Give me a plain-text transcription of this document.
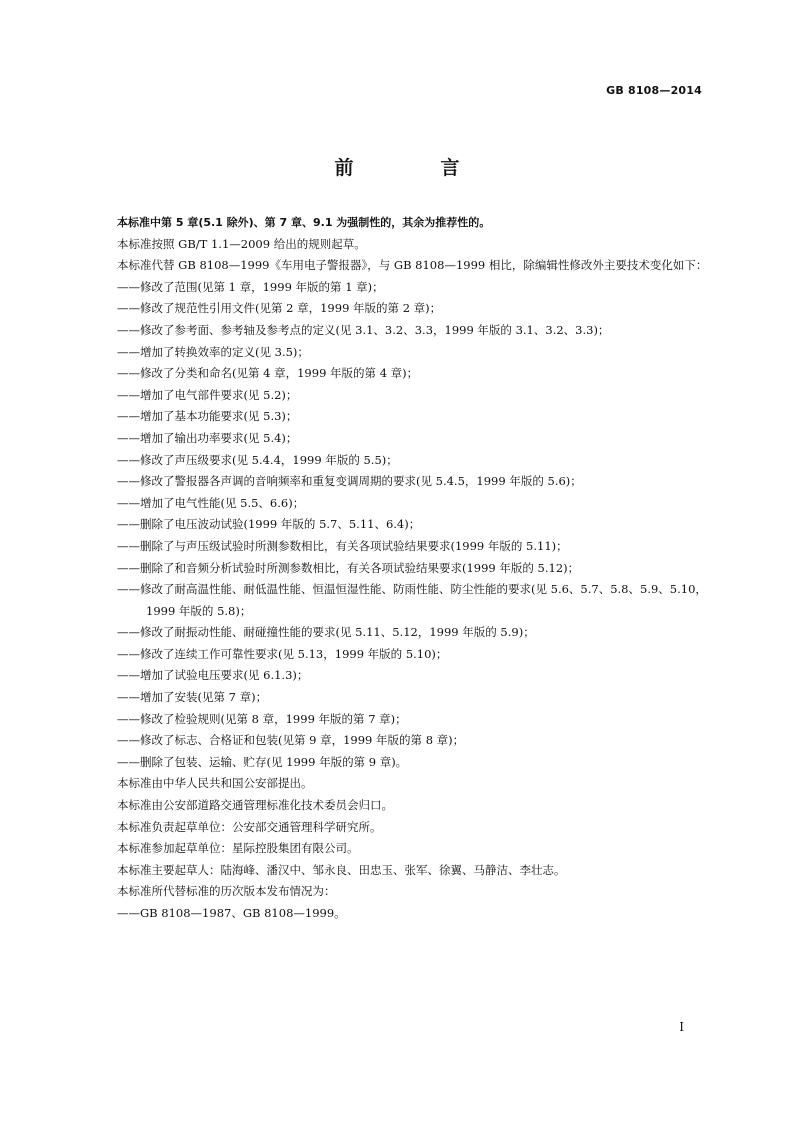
GB 8108—2014
前　言

本标准中第 5 章(5.1 除外)、第 7 章、9.1 为强制性的，其余为推荐性的。

本标准按照 GB/T 1.1—2009 给出的规则起草。

本标准代替 GB 8108—1999《车用电子警报器》，与 GB 8108—1999 相比，除编辑性修改外主要技术变化如下：

——修改了范围(见第 1 章，1999 年版的第 1 章)；

——修改了规范性引用文件(见第 2 章，1999 年版的第 2 章)；

——修改了参考面、参考轴及参考点的定义(见 3.1、3.2、3.3，1999 年版的 3.1、3.2、3.3)；

——增加了转换效率的定义(见 3.5)；

——修改了分类和命名(见第 4 章，1999 年版的第 4 章)；

——增加了电气部件要求(见 5.2)；

——增加了基本功能要求(见 5.3)；

——增加了输出功率要求(见 5.4)；

——修改了声压级要求(见 5.4.4，1999 年版的 5.5)；

——修改了警报器各声调的音响频率和重复变调周期的要求(见 5.4.5，1999 年版的 5.6)；

——增加了电气性能(见 5.5、6.6)；

——删除了电压波动试验(1999 年版的 5.7、5.11、6.4)；

——删除了与声压级试验时所测参数相比，有关各项试验结果要求(1999 年版的 5.11)；

——删除了和音频分析试验时所测参数相比，有关各项试验结果要求(1999 年版的 5.12)；

——修改了耐高温性能、耐低温性能、恒温恒湿性能、防雨性能、防尘性能的要求(见 5.6、5.7、5.8、5.9、5.10，1999 年版的 5.8)；

——修改了耐振动性能、耐碰撞性能的要求(见 5.11、5.12，1999 年版的 5.9)；

——修改了连续工作可靠性要求(见 5.13，1999 年版的 5.10)；

——增加了试验电压要求(见 6.1.3)；

——增加了安装(见第 7 章)；

——修改了检验规则(见第 8 章，1999 年版的第 7 章)；

——修改了标志、合格证和包装(见第 9 章，1999 年版的第 8 章)；

——删除了包装、运输、贮存(见 1999 年版的第 9 章)。

本标准由中华人民共和国公安部提出。

本标准由公安部道路交通管理标准化技术委员会归口。

本标准负责起草单位：公安部交通管理科学研究所。

本标准参加起草单位：星际控股集团有限公司。

本标准主要起草人：陆海峰、潘汉中、邹永良、田忠玉、张军、徐翼、马静洁、李壮志。

本标准所代替标准的历次版本发布情况为：

——GB 8108—1987、GB 8108—1999。

I
